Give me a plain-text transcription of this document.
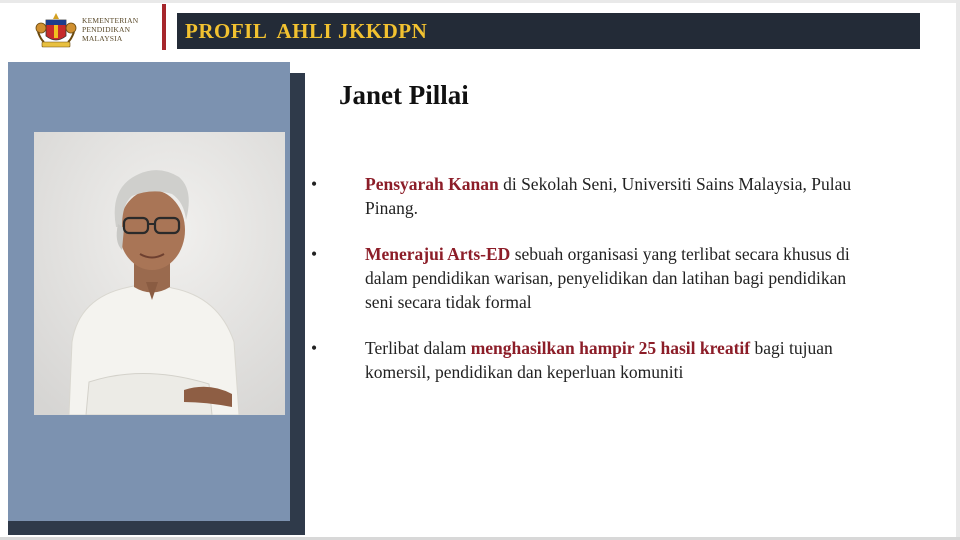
KEMENTERIAN
PENDIDIKAN
MALAYSIA	PROFIL  AHLI JKKDPN
Janet Pillai
•	Pensyarah Kanan di Sekolah Seni, Universiti Sains Malaysia, Pulau
Pinang.
•	Menerajui Arts-ED sebuah organisasi yang terlibat secara khusus di
dalam pendidikan warisan, penyelidikan dan latihan bagi pendidikan
seni secara tidak formal
•	Terlibat dalam menghasilkan hampir 25 hasil kreatif bagi tujuan
komersil, pendidikan dan keperluan komuniti
